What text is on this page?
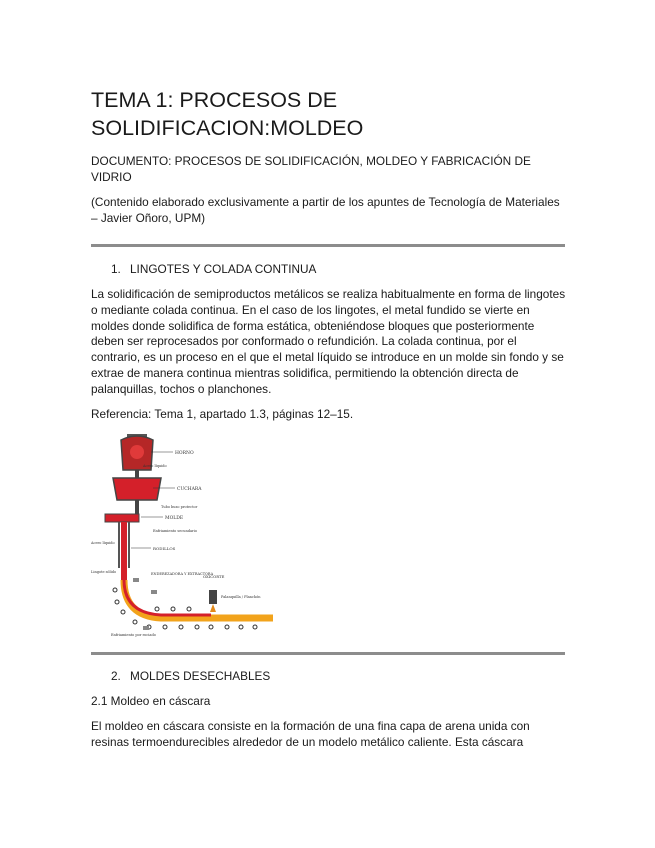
TEMA 1: PROCESOS DE
SOLIDIFICACION:MOLDEO

DOCUMENTO: PROCESOS DE SOLIDIFICACIÓN, MOLDEO Y FABRICACIÓN DE VIDRIO

(Contenido elaborado exclusivamente a partir de los apuntes de Tecnología de Materiales – Javier Oñoro, UPM)

1. LINGOTES Y COLADA CONTINUA

La solidificación de semiproductos metálicos se realiza habitualmente en forma de lingotes o mediante colada continua. En el caso de los lingotes, el metal fundido se vierte en moldes donde solidifica de forma estática, obteniéndose bloques que posteriormente deben ser reprocesados por conformado o refundición. La colada continua, por el contrario, es un proceso en el que el metal líquido se introduce en un molde sin fondo y se extrae de manera continua mientras solidifica, permitiendo la obtención directa de palanquillas, tochos o planchones.

Referencia: Tema 1, apartado 1.3, páginas 12–15.

HORNO
Acero líquido
CUCHARA
Tubo buzo protector
MOLDE
Enfriamiento secundario
RODILLOS
Acero líquido
Lingote sólido	ENDEREZADORA Y EXTRACTORA
OXICORTE
Palanquilla / Planchón
Enfriamiento por rociado

2. MOLDES DESECHABLES

2.1 Moldeo en cáscara

El moldeo en cáscara consiste en la formación de una fina capa de arena unida con resinas termoendurecibles alrededor de un modelo metálico caliente. Esta cáscara
